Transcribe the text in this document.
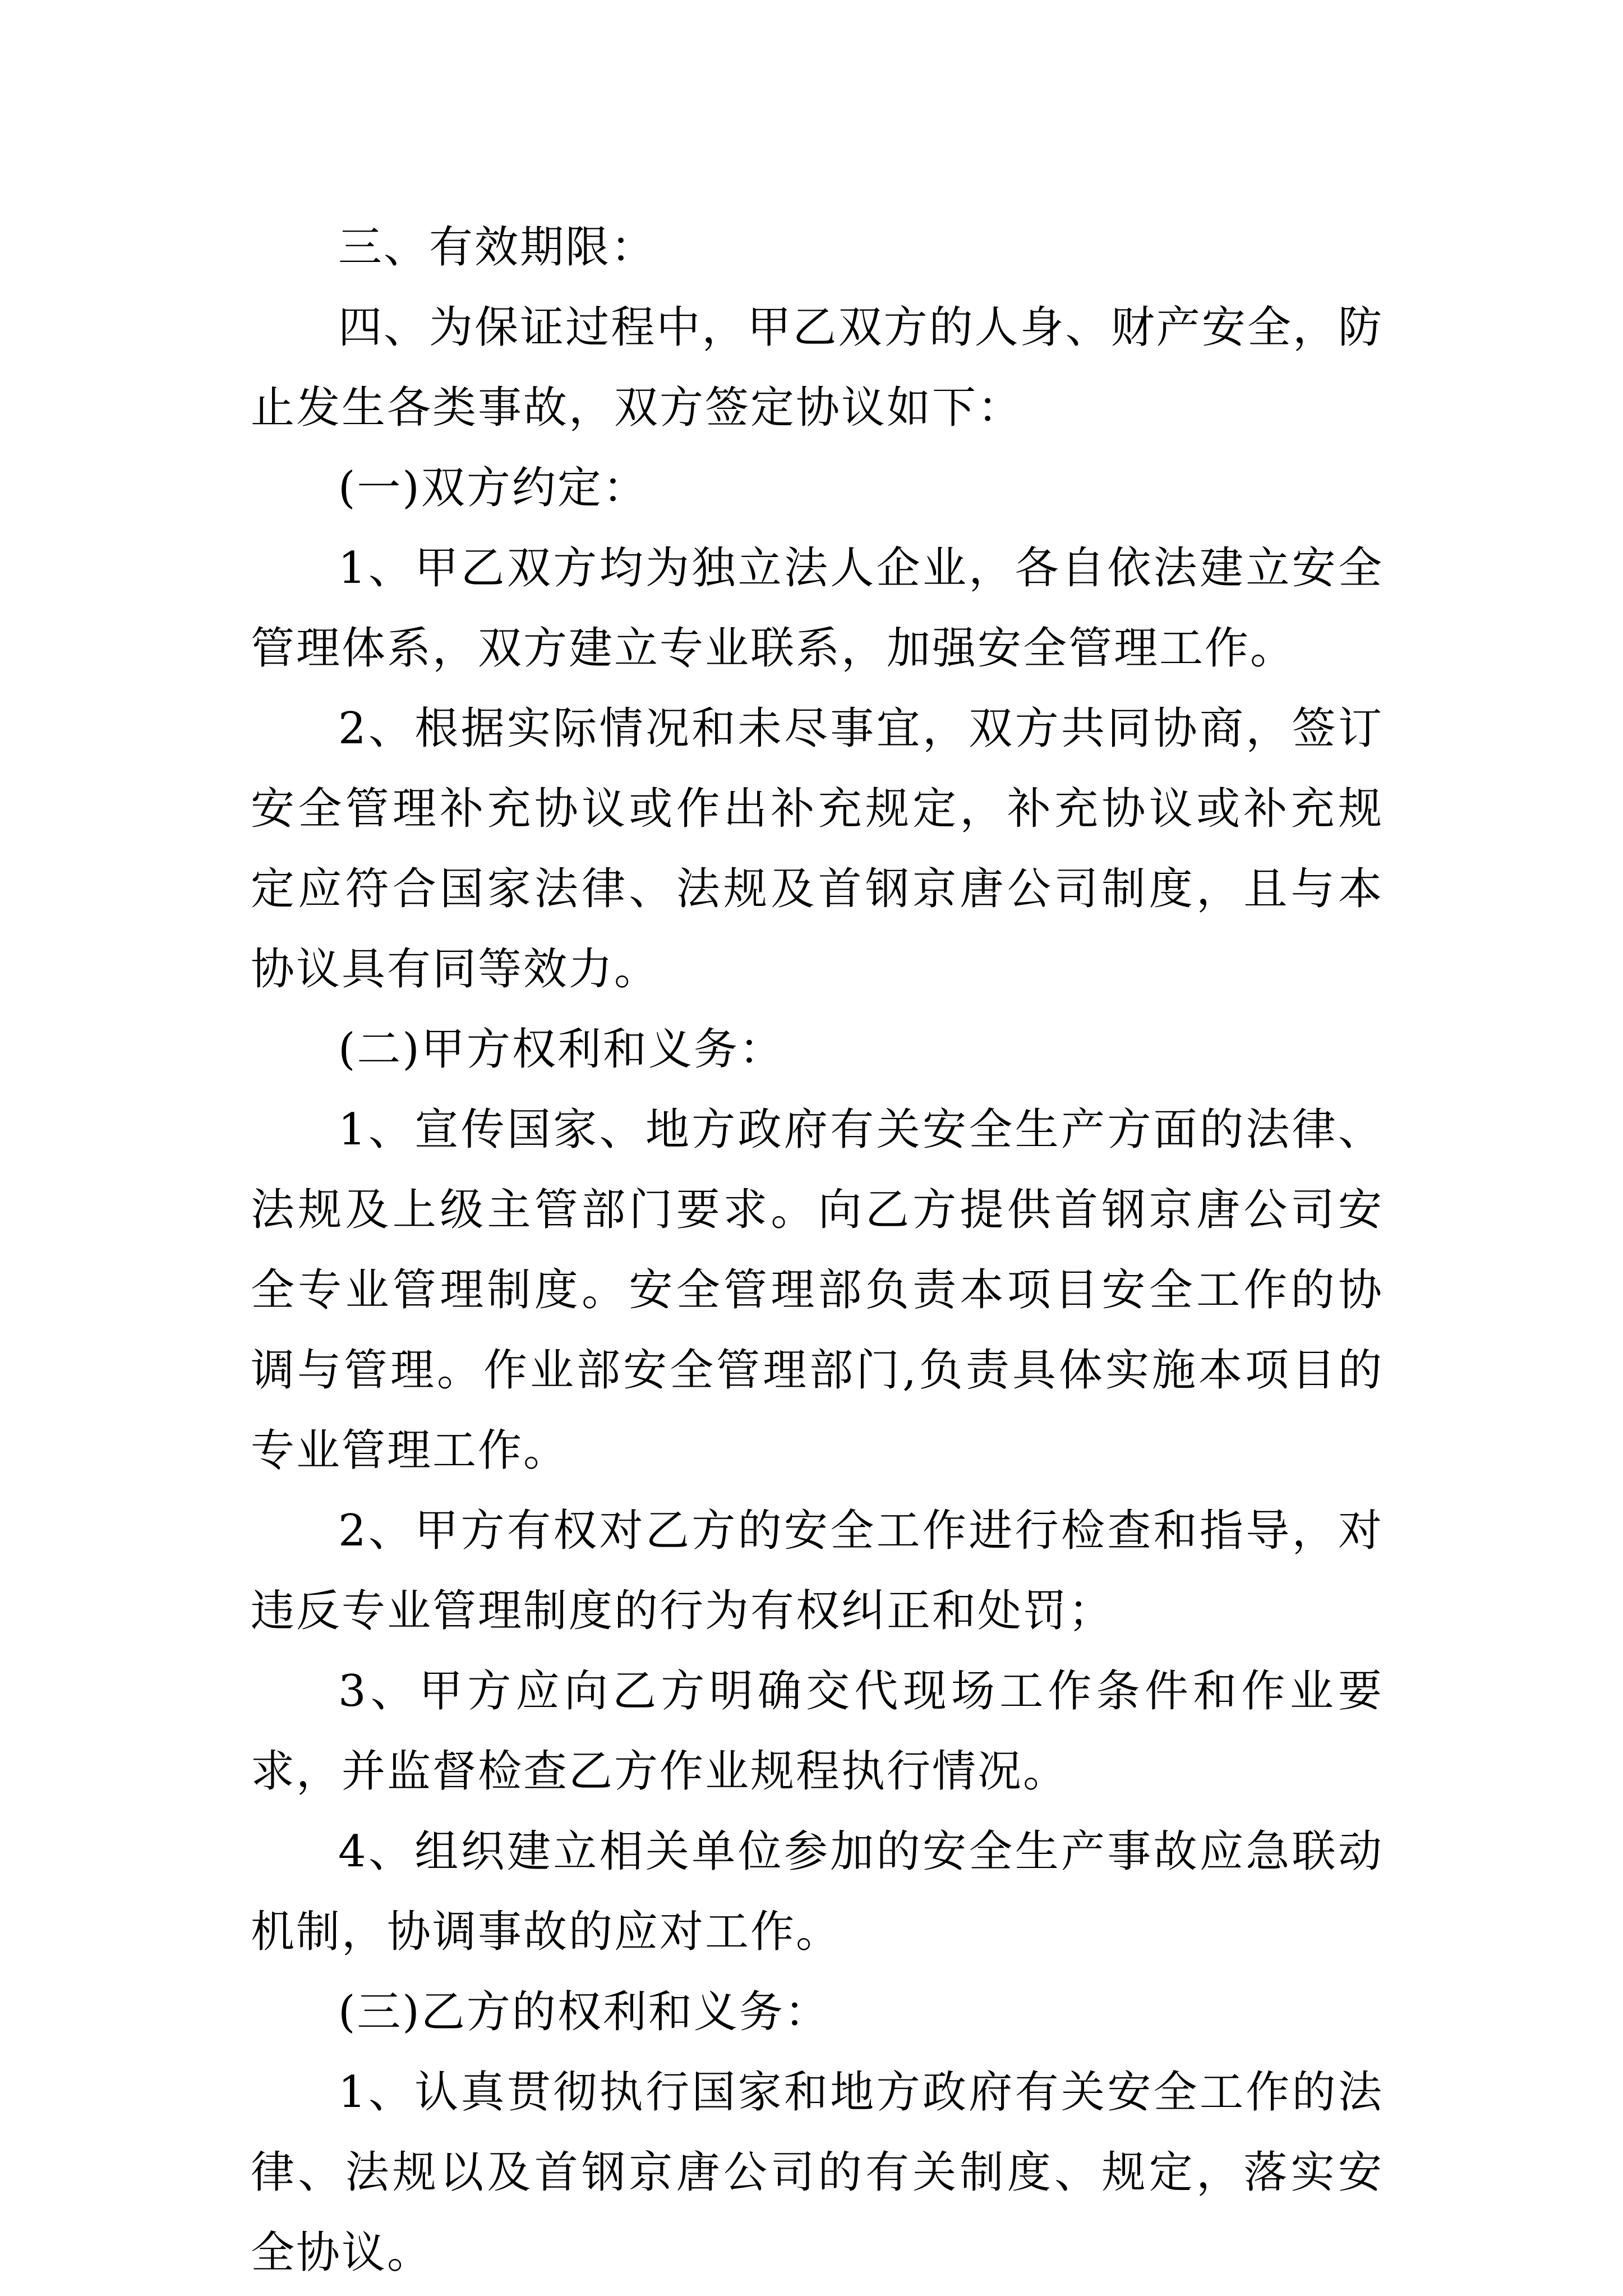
三、有效期限：

四、为保证过程中，甲乙双方的人身、财产安全，防止发生各类事故，双方签定协议如下：

(一)双方约定：

1、甲乙双方均为独立法人企业，各自依法建立安全管理体系，双方建立专业联系，加强安全管理工作。

2、根据实际情况和未尽事宜，双方共同协商，签订安全管理补充协议或作出补充规定，补充协议或补充规定应符合国家法律、法规及首钢京唐公司制度，且与本协议具有同等效力。

(二)甲方权利和义务：

1、宣传国家、地方政府有关安全生产方面的法律、法规及上级主管部门要求。向乙方提供首钢京唐公司安全专业管理制度。安全管理部负责本项目安全工作的协调与管理。作业部安全管理部门,负责具体实施本项目的专业管理工作。

2、甲方有权对乙方的安全工作进行检查和指导，对违反专业管理制度的行为有权纠正和处罚；

3、甲方应向乙方明确交代现场工作条件和作业要求，并监督检查乙方作业规程执行情况。

4、组织建立相关单位参加的安全生产事故应急联动机制，协调事故的应对工作。

(三)乙方的权利和义务：

1、认真贯彻执行国家和地方政府有关安全工作的法律、法规以及首钢京唐公司的有关制度、规定，落实安全协议。
